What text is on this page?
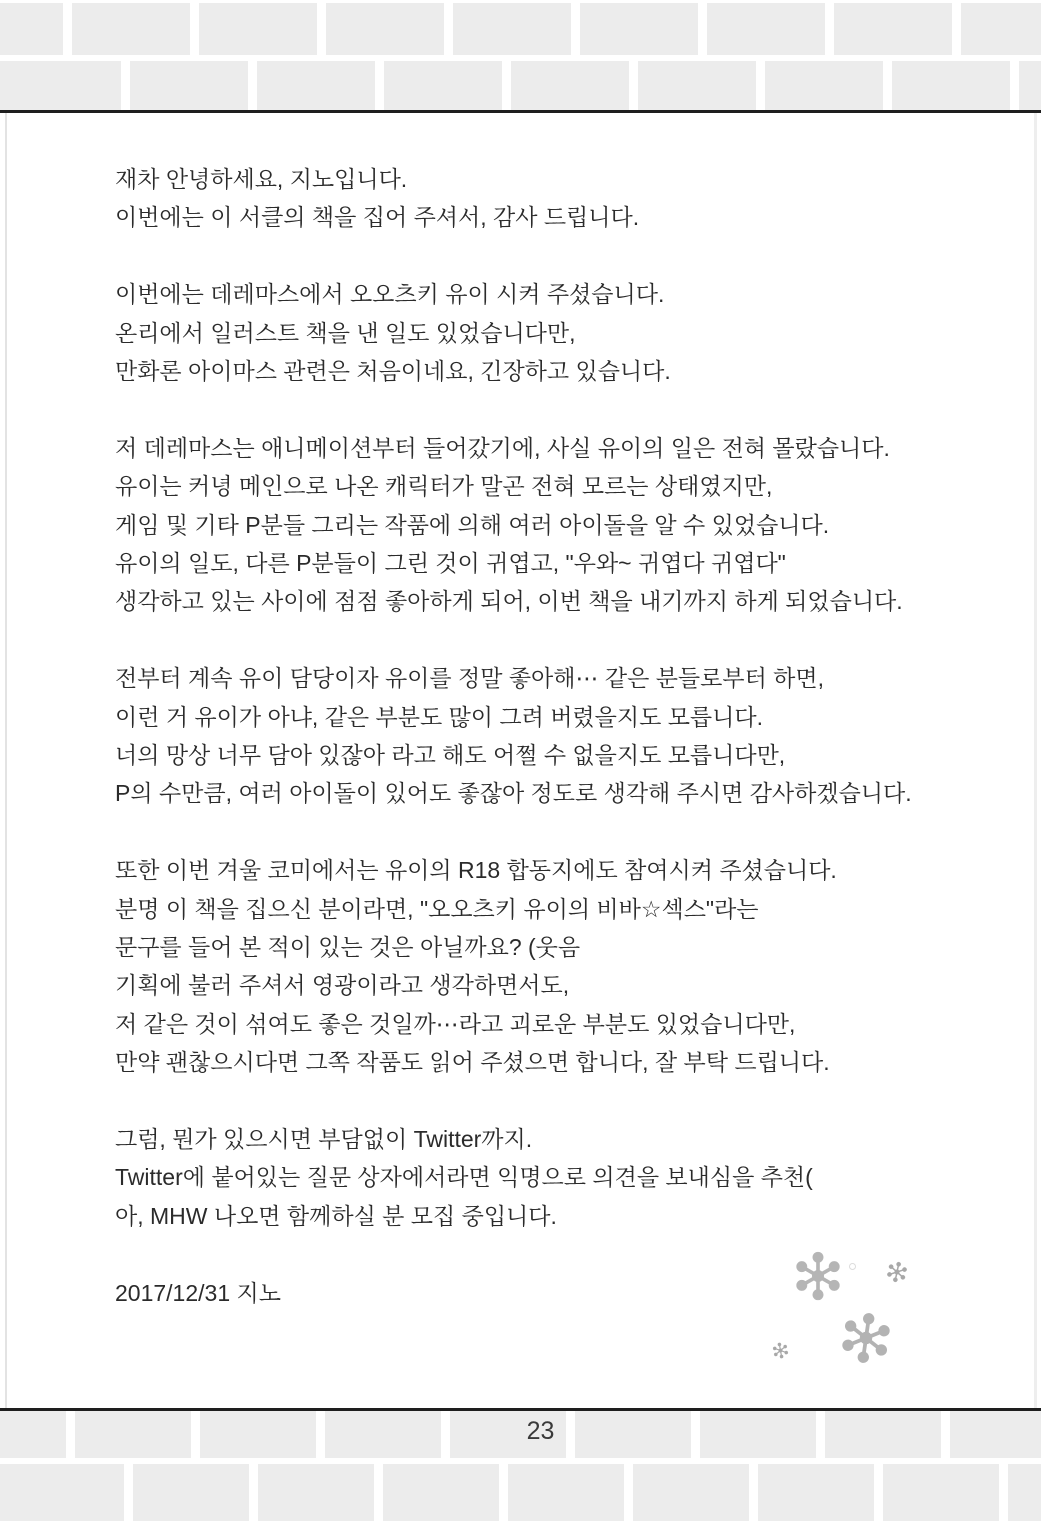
재차 안녕하세요, 지노입니다.
이번에는 이 서클의 책을 집어 주셔서, 감사 드립니다.
이번에는 데레마스에서 오오츠키 유이 시켜 주셨습니다.
온리에서 일러스트 책을 낸 일도 있었습니다만,
만화론 아이마스 관련은 처음이네요, 긴장하고 있습니다.
저 데레마스는 애니메이션부터 들어갔기에, 사실 유이의 일은 전혀 몰랐습니다.
유이는 커녕 메인으로 나온 캐릭터가 말곤 전혀 모르는 상태였지만,
게임 및 기타 P분들 그리는 작품에 의해 여러 아이돌을 알 수 있었습니다.
유이의 일도, 다른 P분들이 그린 것이 귀엽고, "우와~ 귀엽다 귀엽다"
생각하고 있는 사이에 점점 좋아하게 되어, 이번 책을 내기까지 하게 되었습니다.
전부터 계속 유이 담당이자 유이를 정말 좋아해⋯ 같은 분들로부터 하면,
이런 거 유이가 아냐, 같은 부분도 많이 그려 버렸을지도 모릅니다.
너의 망상 너무 담아 있잖아 라고 해도 어쩔 수 없을지도 모릅니다만,
P의 수만큼, 여러 아이돌이 있어도 좋잖아 정도로 생각해 주시면 감사하겠습니다.
또한 이번 겨울 코미에서는 유이의 R18 합동지에도 참여시켜 주셨습니다.
분명 이 책을 집으신 분이라면, "오오츠키 유이의 비바☆섹스"라는
문구를 들어 본 적이 있는 것은 아닐까요? (웃음
기획에 불러 주셔서 영광이라고 생각하면서도,
저 같은 것이 섞여도 좋은 것일까⋯라고 괴로운 부분도 있었습니다만,
만약 괜찮으시다면 그쪽 작품도 읽어 주셨으면 합니다, 잘 부탁 드립니다.
그럼, 뭔가 있으시면 부담없이 Twitter까지.
Twitter에 붙어있는 질문 상자에서라면 익명으로 의견을 보내심을 추천(
아, MHW 나오면 함께하실 분 모집 중입니다.
2017/12/31 지노
23
